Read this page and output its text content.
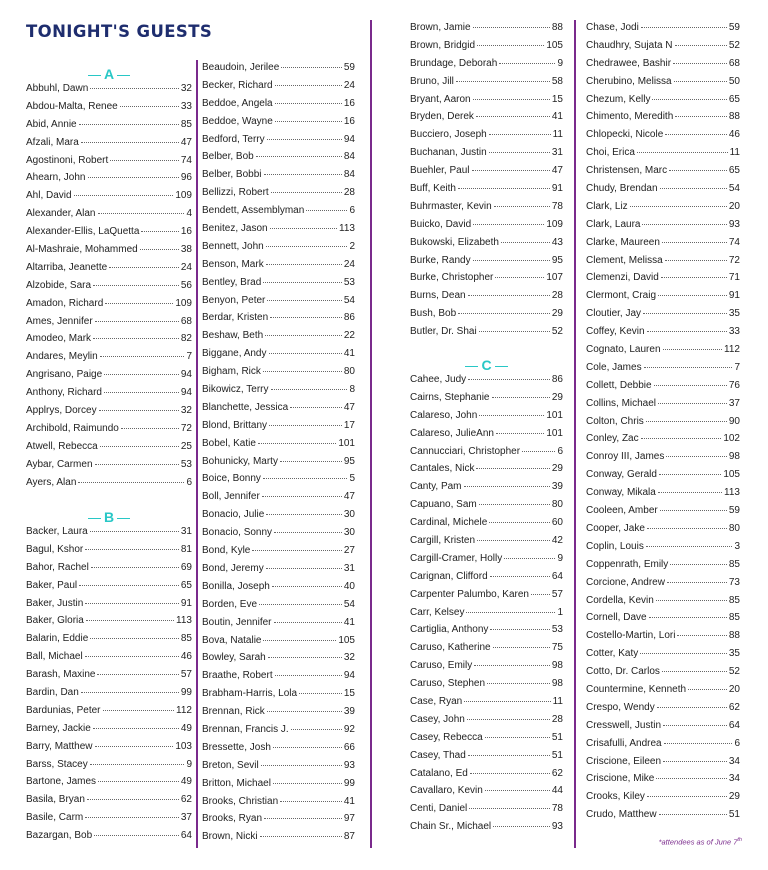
TONIGHT'S GUESTS
A
Abbuhl, Dawn	32
Abdou-Malta, Renee	33
Abid, Annie	85
Afzali, Mara	47
Agostinoni, Robert	74
Ahearn, John	96
Ahl, David	109
Alexander, Alan	4
Alexander-Ellis, LaQuetta	16
Al-Mashraie, Mohammed	38
Altarriba, Jeanette	24
Alzobide, Sara	56
Amadon, Richard	109
Ames, Jennifer	68
Amodeo, Mark	82
Andares, Meylin	7
Angrisano, Paige	94
Anthony, Richard	94
Applrys, Dorcey	32
Archibold, Raimundo	72
Atwell, Rebecca	25
Aybar, Carmen	53
Ayers, Alan	6
B
Backer, Laura	31
Bagul, Kshor	81
Bahor, Rachel	69
Baker, Paul	65
Baker, Justin	91
Baker, Gloria	113
Balarin, Eddie	85
Ball, Michael	46
Barash, Maxine	57
Bardin, Dan	99
Bardunias, Peter	112
Barney, Jackie	49
Barry, Matthew	103
Barss, Stacey	9
Bartone, James	49
Basila, Bryan	62
Basile, Carm	37
Bazargan, Bob	64
Beaudoin, Jerilee	59
Becker, Richard	24
Beddoe, Angela	16
Beddoe, Wayne	16
Bedford, Terry	94
Belber, Bob	84
Belber, Bobbi	84
Bellizzi, Robert	28
Bendett, Assemblyman	6
Benitez, Jason	113
Bennett, John	2
Benson, Mark	24
Bentley, Brad	53
Benyon, Peter	54
Berdar, Kristen	86
Beshaw, Beth	22
Biggane, Andy	41
Bigham, Rick	80
Bikowicz, Terry	8
Blanchette, Jessica	47
Blond, Brittany	17
Bobel, Katie	101
Bohunicky, Marty	95
Boice, Bonny	5
Boll, Jennifer	47
Bonacio, Julie	30
Bonacio, Sonny	30
Bond, Kyle	27
Bond, Jeremy	31
Bonilla, Joseph	40
Borden, Eve	54
Boutin, Jennifer	41
Bova, Natalie	105
Bowley, Sarah	32
Braathe, Robert	94
Brabham-Harris, Lola	15
Brennan, Rick	39
Brennan, Francis J.	92
Bressette, Josh	66
Breton, Sevil	93
Britton, Michael	99
Brooks, Christian	41
Brooks, Ryan	97
Brown, Nicki	87
Brown, Jamie	88
Brown, Bridgid	105
Brundage, Deborah	9
Bruno, Jill	58
Bryant, Aaron	15
Bryden, Derek	41
Bucciero, Joseph	11
Buchanan, Justin	31
Buehler, Paul	47
Buff, Keith	91
Buhrmaster, Kevin	78
Buicko, David	109
Bukowski, Elizabeth	43
Burke, Randy	95
Burke, Christopher	107
Burns, Dean	28
Bush, Bob	29
Butler, Dr. Shai	52
C
Cahee, Judy	86
Cairns, Stephanie	29
Calareso, John	101
Calareso, JulieAnn	101
Cannucciari, Christopher	6
Cantales, Nick	29
Canty, Pam	39
Capuano, Sam	80
Cardinal, Michele	60
Cargill, Kristen	42
Cargill-Cramer, Holly	9
Carignan, Clifford	64
Carpenter Palumbo, Karen 57
Carr, Kelsey	1
Cartiglia, Anthony	53
Caruso, Katherine	75
Caruso, Emily	98
Caruso, Stephen	98
Case, Ryan	11
Casey, John	28
Casey, Rebecca	51
Casey, Thad	51
Catalano, Ed	62
Cavallaro, Kevin	44
Centi, Daniel	78
Chain Sr., Michael	93
Chase, Jodi	59
Chaudhry, Sujata N	52
Chedrawee, Bashir	68
Cherubino, Melissa	50
Chezum, Kelly	65
Chimento, Meredith	88
Chlopecki, Nicole	46
Choi, Erica	11
Christensen, Marc	65
Chudy, Brendan	54
Clark, Liz	20
Clark, Laura	93
Clarke, Maureen	74
Clement, Melissa	72
Clemenzi, David	71
Clermont, Craig	91
Cloutier, Jay	35
Coffey, Kevin	33
Cognato, Lauren	112
Cole, James	7
Collett, Debbie	76
Collins, Michael	37
Colton, Chris	90
Conley, Zac	102
Conroy III, James	98
Conway, Gerald	105
Conway, Mikala	113
Cooleen, Amber	59
Cooper, Jake	80
Coplin, Louis	3
Coppenrath, Emily	85
Corcione, Andrew	73
Cordella, Kevin	85
Cornell, Dave	85
Costello-Martin, Lori	88
Cotter, Katy	35
Cotto, Dr. Carlos	52
Countermine, Kenneth	20
Crespo, Wendy	62
Cresswell, Justin	64
Crisafulli, Andrea	6
Criscione, Eileen	34
Criscione, Mike	34
Crooks, Kiley	29
Crudo, Matthew	51
*attendees as of June 7th
